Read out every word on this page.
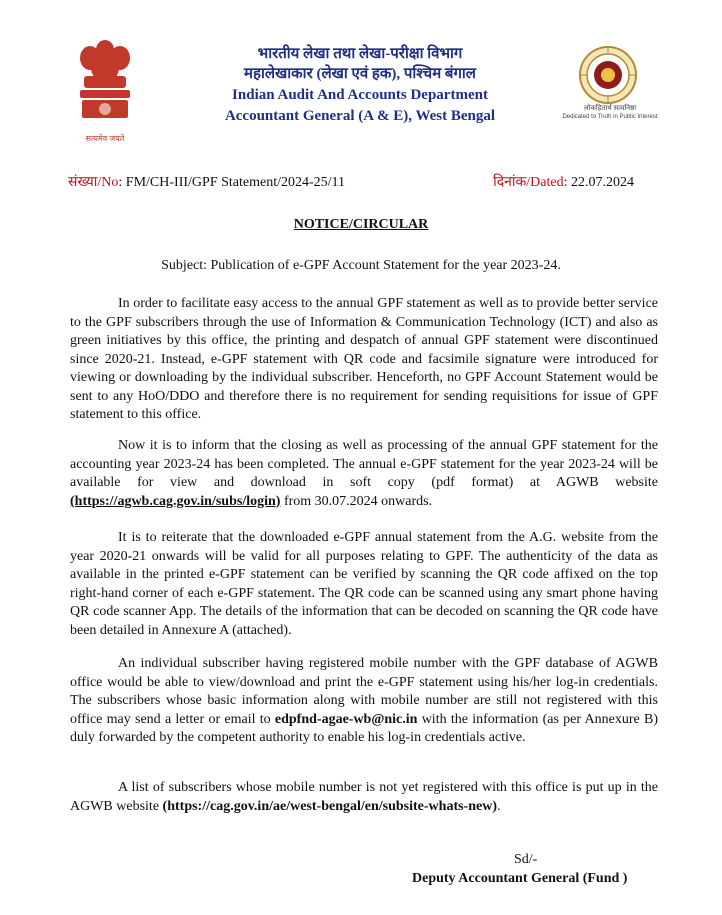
सत्यमेव जयते
भारतीय लेखा तथा लेखा-परीक्षा विभाग
महालेखाकार (लेखा एवं हक), पश्चिम बंगाल
Indian Audit And Accounts Department
Accountant General (A & E), West Bengal	लोकहितार्थ सत्यनिष्ठा
Dedicated to Truth in Public Interest
संख्या/No: FM/CH-III/GPF Statement/2024-25/11	दिनांक/Dated: 22.07.2024
NOTICE/CIRCULAR
Subject: Publication of e-GPF Account Statement for the year 2023-24.

In order to facilitate easy access to the annual GPF statement as well as to provide better service to the GPF subscribers through the use of Information & Communication Technology (ICT) and also as green initiatives by this office, the printing and despatch of annual GPF statement were discontinued since 2020-21. Instead, e-GPF statement with QR code and facsimile signature were introduced for viewing or downloading by the individual subscriber. Henceforth, no GPF Account Statement would be sent to any HoO/DDO and therefore there is no requirement for sending requisitions for issue of GPF statement to this office.

Now it is to inform that the closing as well as processing of the annual GPF statement for the accounting year 2023-24 has been completed. The annual e-GPF statement for the year 2023-24 will be available for view and download in soft copy (pdf format) at AGWB website (https://agwb.cag.gov.in/subs/login) from 30.07.2024 onwards.

It is to reiterate that the downloaded e-GPF annual statement from the A.G. website from the year 2020-21 onwards will be valid for all purposes relating to GPF. The authenticity of the data as available in the printed e-GPF statement can be verified by scanning the QR code affixed on the top right-hand corner of each e-GPF statement. The QR code can be scanned using any smart phone having QR code scanner App. The details of the information that can be decoded on scanning the QR code have been detailed in Annexure A (attached).

An individual subscriber having registered mobile number with the GPF database of AGWB office would be able to view/download and print the e-GPF statement using his/her log-in credentials. The subscribers whose basic information along with mobile number are still not registered with this office may send a letter or email to edpfnd-agae-wb@nic.in with the information (as per Annexure B) duly forwarded by the competent authority to enable his log-in credentials active.

A list of subscribers whose mobile number is not yet registered with this office is put up in the AGWB website (https://cag.gov.in/ae/west-bengal/en/subsite-whats-new).

Sd/-
Deputy Accountant General (Fund )
